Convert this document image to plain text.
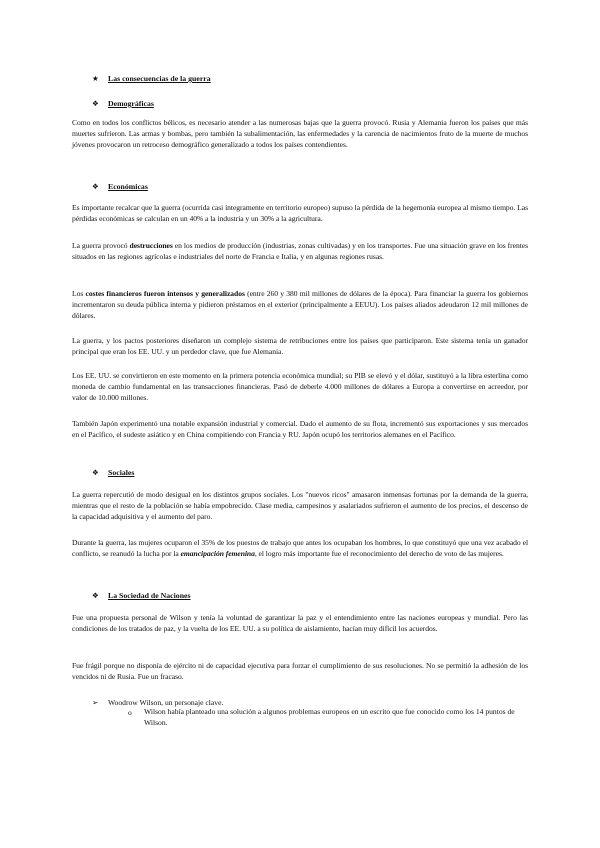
★ Las consecuencias de la guerra
❖ Demográficas

Como en todos los conflictos bélicos, es necesario atender a las numerosas bajas que la guerra provocó. Rusia y Alemania fueron los países que más muertes sufrieron. Las armas y bombas, pero también la subalimentación, las enfermedades y la carencia de nacimientos fruto de la muerte de muchos jóvenes provocaron un retroceso demográfico generalizado a todos los países contendientes.

❖ Económicas

Es importante recalcar que la guerra (ocurrida casi íntegramente en territorio europeo) supuso la pérdida de la hegemonía europea al mismo tiempo. Las pérdidas económicas se calculan en un 40% a la industria y un 30% a la agricultura.

La guerra provocó destrucciones en los medios de producción (industrias, zonas cultivadas) y en los transportes. Fue una situación grave en los frentes situados en las regiones agrícolas e industriales del norte de Francia e Italia, y en algunas regiones rusas.

Los costes financieros fueron intensos y generalizados (entre 260 y 380 mil millones de dólares de la época). Para financiar la guerra los gobiernos incrementaron su deuda pública interna y pidieron préstamos en el exterior (principalmente a EEUU). Los países aliados adeudaron 12 mil millones de dólares.

La guerra, y los pactos posteriores diseñaron un complejo sistema de retribuciones entre los países que participaron. Este sistema tenía un ganador principal que eran los EE. UU. y un perdedor clave, que fue Alemania.

Los EE. UU. se convirtieron en este momento en la primera potencia económica mundial; su PIB se elevó y el dólar, sustituyó a la libra esterlina como moneda de cambio fundamental en las transacciones financieras. Pasó de deberle 4.000 millones de dólares a Europa a convertirse en acreedor, por valor de 10.000 millones.

También Japón experimentó una notable expansión industrial y comercial. Dado el aumento de su flota, incrementó sus exportaciones y sus mercados en el Pacífico, el sudeste asiático y en China compitiendo con Francia y RU. Japón ocupó los territorios alemanes en el Pacífico.

❖ Sociales

La guerra repercutió de modo desigual en los distintos grupos sociales. Los "nuevos ricos" amasaron inmensas fortunas por la demanda de la guerra, mientras que el resto de la población se había empobrecido. Clase media, campesinos y asalariados sufrieron el aumento de los precios, el descenso de la capacidad adquisitiva y el aumento del paro.

Durante la guerra, las mujeres ocuparon el 35% de los puestos de trabajo que antes los ocupaban los hombres, lo que constituyó que una vez acabado el conflicto, se reanudó la lucha por la emancipación femenina, el logro más importante fue el reconocimiento del derecho de voto de las mujeres.

❖ La Sociedad de Naciones

Fue una propuesta personal de Wilson y tenía la voluntad de garantizar la paz y el entendimiento entre las naciones europeas y mundial. Pero las condiciones de los tratados de paz, y la vuelta de los EE. UU. a su política de aislamiento, hacían muy difícil los acuerdos.

Fue frágil porque no disponía de ejército ni de capacidad ejecutiva para forzar el cumplimiento de sus resoluciones. No se permitió la adhesión de los vencidos ni de Rusia. Fue un fracaso.

➢ Woodrow Wilson, un personaje clave.
o Wilson había planteado una solución a algunos problemas europeos en un escrito que fue conocido como los 14 puntos de Wilson.
